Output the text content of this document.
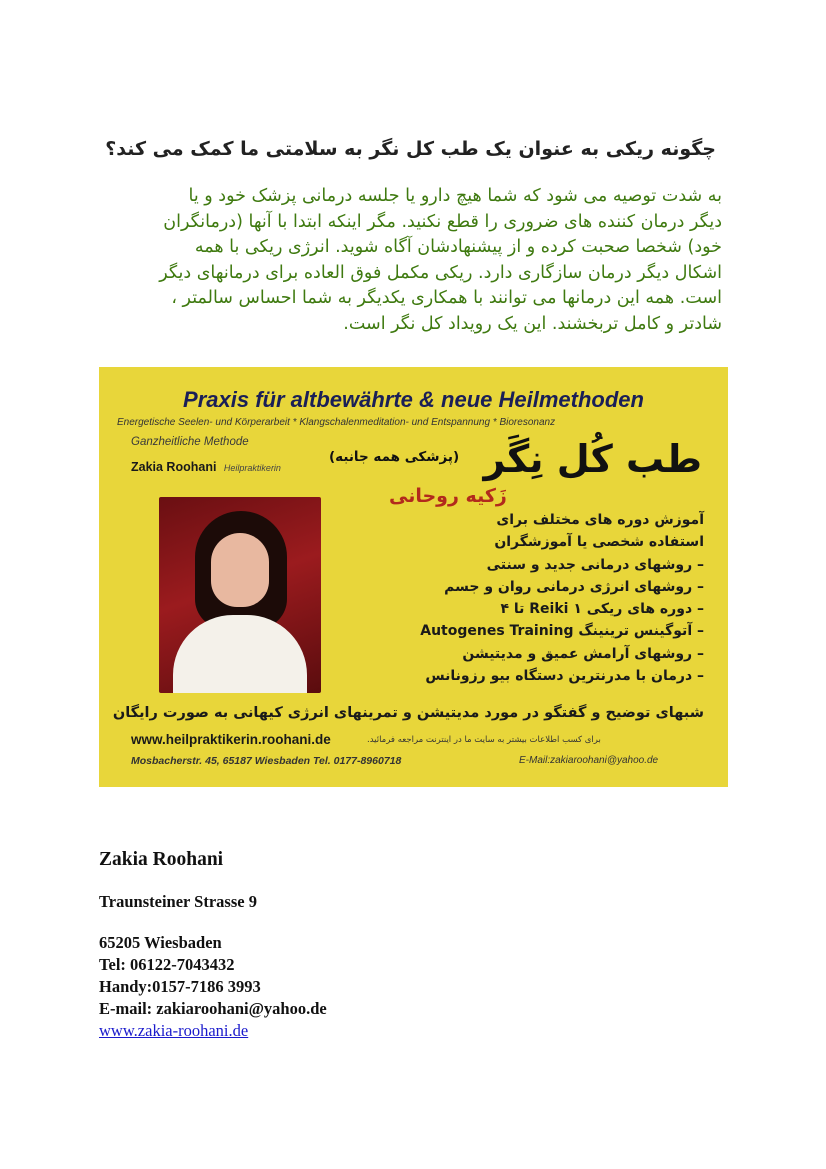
چگونه ریکی به عنوان یک طب کل نگر به سلامتی ما کمک می کند؟
به شدت توصیه می شود که شما هیچ دارو یا جلسه درمانی پزشک خود و یا
دیگر درمان کننده های ضروری را قطع نکنید. مگر اینکه ابتدا با آنها (درمانگران
خود) شخصا صحبت کرده و از پیشنهادشان آگاه شوید. انرژی ریکی با همه
اشکال دیگر درمان سازگاری دارد. ریکی مکمل فوق العاده برای درمانهای دیگر
است. همه این درمانها می توانند با همکاری یکدیگر به شما احساس سالمتر ،
شادتر و کامل تربخشند. این یک رویداد کل نگر است.
Praxis für altbewährte & neue Heilmethoden
Energetische Seelen- und Körperarbeit * Klangschalenmeditation- und Entspannung * Bioresonanz
Ganzheitliche Methode
Zakia Roohani Heilpraktikerin	طب کُل نِگَر
(پزشکی همه جانبه)
زَکیه روحانی
آموزش دوره های مختلف برای
استفاده شخصی یا آموزشگران
– روشهای درمانی جدید و سنتی
– روشهای انرژی درمانی روان و جسم
– دوره های ریکی Reiki ۱ تا ۴
– آتوگینس ترینینگ Autogenes Training
– روشهای آرامش عمیق و مدیتیشن
– درمان با مدرنترین دستگاه بیو رزونانس
شبهای توضیح و گفتگو در مورد مدیتیشن و تمرینهای انرژی کیهانی به صورت رایگان
www.heilpraktikerin.roohani.de	برای کسب اطلاعات بیشتر به سایت ما در اینترنت مراجعه فرمائید.
Mosbacherstr. 45, 65187 Wiesbaden Tel. 0177-8960718	E-Mail:zakiaroohani@yahoo.de
Zakia Roohani
Traunsteiner Strasse 9
65205 Wiesbaden
Tel: 06122-7043432
Handy:0157-7186 3993
E-mail: zakiaroohani@yahoo.de
www.zakia-roohani.de
